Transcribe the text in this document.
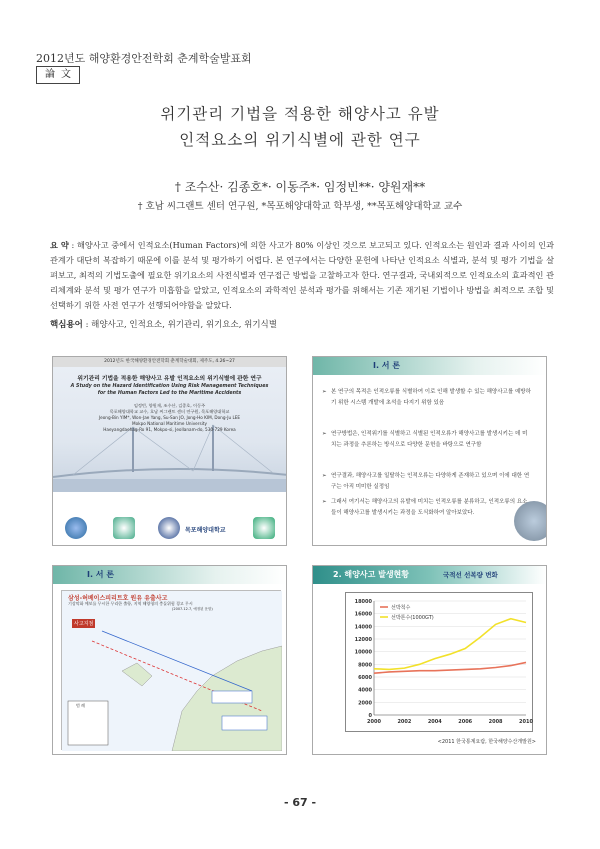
2012년도 해양환경안전학회 춘계학술발표회
論文
위기관리 기법을 적용한 해양사고 유발
인적요소의 위기식별에 관한 연구
† 조수산· 김종호*· 이동주*· 임정빈**· 양원재**
† 호남 씨그랜트 센터 연구원, *목포해양대학교 학부생, **목포해양대학교 교수
요 약 : 해양사고 중에서 인적요소(Human Factors)에 의한 사고가 80% 이상인 것으로 보고되고 있다. 인적요소는 원인과 결과 사이의 인과관계가 대단히 복잡하기 때문에 이를 분석 및 평가하기 어렵다. 본 연구에서는 다양한 문헌에 나타난 인적요소 식별과, 분석 및 평가 기법을 살펴보고, 최적의 기법도출에 필요한 위기요소의 사전식별과 연구접근 방법을 고찰하고자 한다. 연구결과, 국내외적으로 인적요소의 효과적인 관리체계와 분석 및 평가 연구가 미흡함을 알았고, 인적요소의 과학적인 분석과 평가를 위해서는 기존 재기된 기법이나 방법을 최적으로 조합 및 선택하기 위한 사전 연구가 선행되어야함을 알았다.
핵심용어 : 해양사고, 인적요소, 위기관리, 위기요소, 위기식별
2012년도 한국해양환경안전학회 춘계학술대회, 제주도, 4.26~27
위기관리 기법을 적용한 해양사고 유발 인적요소의 위기식별에 관한 연구
A Study on the Hazard Identification Using Risk Management Techniques
for the Human Factors Led to the Maritime Accidents
임정빈, 양원재, 조수산, 김종호, 이동주
목포해양대학교 교수, 호남 씨그랜트 센터 연구원, 목포해양대학교
Jeong-Bin YIM*, Won-Jae Yang, Su-San JO, Jong-Ho KIM, Dong-Ju LEE
Mokpo National Maritime University
Haeyangdaehag-Ro 91, Mokpo-si, Jeollanam-do, 530-729 Korea
목포해양대학교
I. 서 론
➢ 본 연구의 목적은 인적오류를 식별하여 이로 인해 발생할 수 있는 해양사고를 예방하기 위한 시스템 개발에 초석을 다지기 위함 있음
➢ 연구방법은, 인적위기를 식별하고 식별된 인적오류가 해양사고를 발생시키는 데 미치는 과정을 추론하는 방식으로 다양한 문헌을 바탕으로 연구함
➢ 연구결과, 해양사고를 일탈하는 인적오류는 다양하게 존재하고 있으며 이에 대한 연구는 아직 미미한 실정임
➢ 그래서 여기서는 해양사고의 유발에 미치는 인적오류를 분류하고, 인적오류의 요소들이 해양사고를 발생시키는 과정을 도식화하여 알아보았다.
I. 서 론
삼성-허베이스피리트호 원유 유출사고
기상악화 예보를 무시한 무리한 출항, 지역 해양청의 충돌위험 경고 무시
(2007.12.7, 예정된 운항)
사고지점
범 례
2. 해양사고 발생현황	국적선 선복량 변화
0
2000
4000
6000
8000
10000
12000
14000
16000
18000
2000	2002	2004	2006	2008	2010
선박척수
선박톤수(1000GT)
<2011 한국통계요람, 한국해양수산개발원>
- 67 -
